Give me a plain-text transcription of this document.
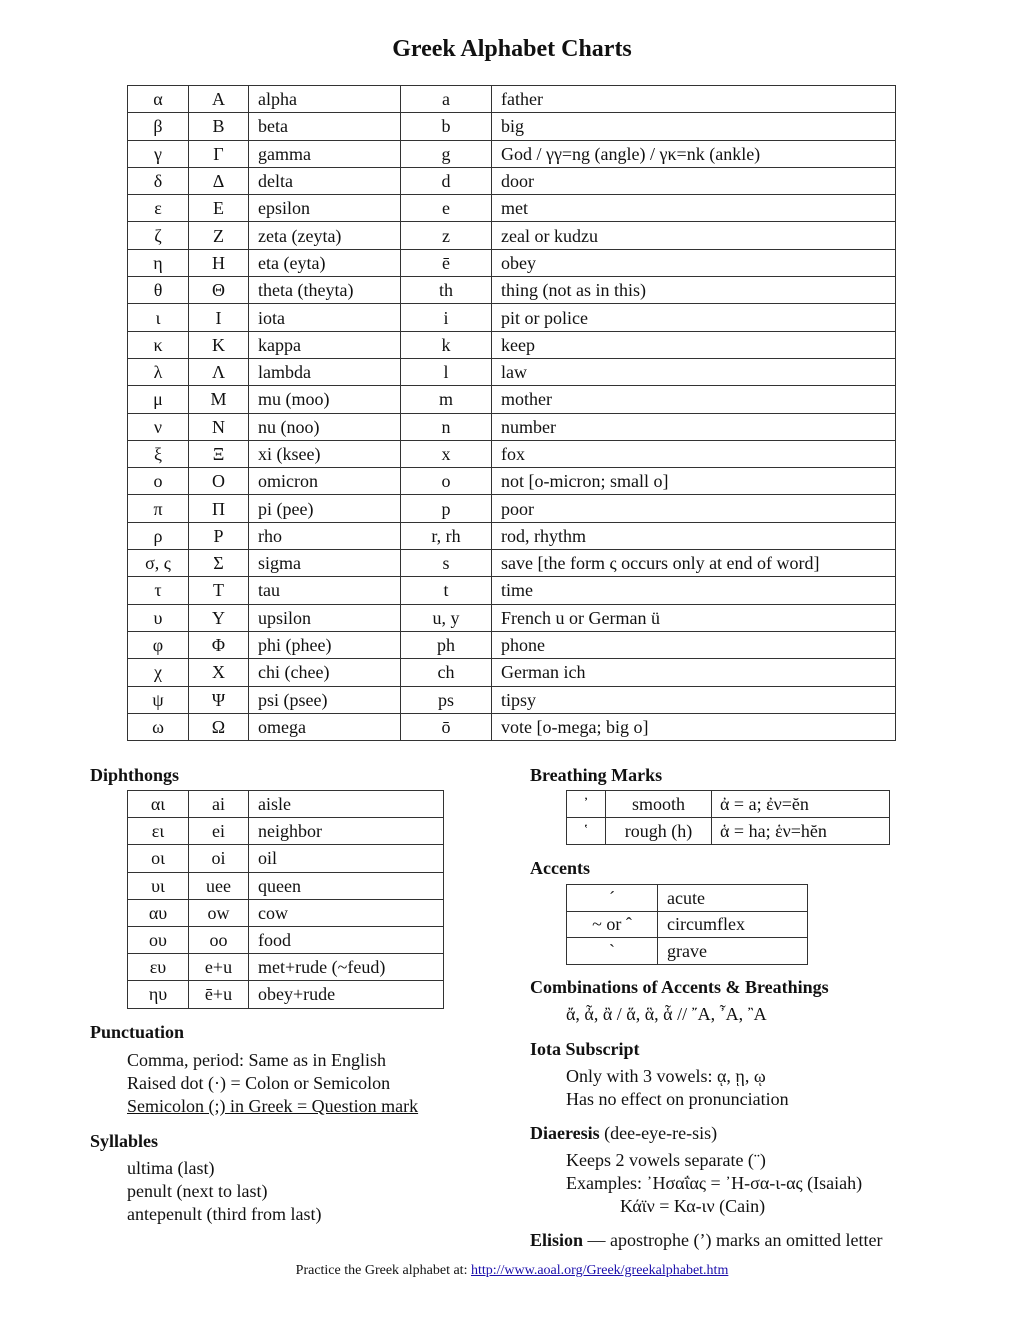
Greek Alphabet Charts
α	Α	alpha	a	father
β	Β	beta	b	big
γ	Γ	gamma	g	God / γγ=ng (angle) / γκ=nk (ankle)
δ	Δ	delta	d	door
ε	Ε	epsilon	e	met
ζ	Ζ	zeta (zeyta)	z	zeal or kudzu
η	Η	eta (eyta)	ē	obey
θ	Θ	theta (theyta)	th	thing (not as in this)
ι	Ι	iota	i	pit or police
κ	Κ	kappa	k	keep
λ	Λ	lambda	l	law
μ	Μ	mu (moo)	m	mother
ν	Ν	nu (noo)	n	number
ξ	Ξ	xi (ksee)	x	fox
ο	Ο	omicron	o	not [o-micron; small o]
π	Π	pi (pee)	p	poor
ρ	Ρ	rho	r, rh	rod, rhythm
σ, ς	Σ	sigma	s	save [the form ς occurs only at end of word]
τ	Τ	tau	t	time
υ	Υ	upsilon	u, y	French u or German ü
φ	Φ	phi (phee)	ph	phone
χ	Χ	chi (chee)	ch	German ich
ψ	Ψ	psi (psee)	ps	tipsy
ω	Ω	omega	ō	vote [o-mega; big o]
Diphthongs
αι	ai	aisle
ει	ei	neighbor
οι	oi	oil
υι	uee	queen
αυ	ow	cow
ου	oo	food
ευ	e+u	met+rude (~feud)
ηυ	ē+u	obey+rude
Punctuation
Comma, period: Same as in English
Raised dot (·) = Colon or Semicolon
Semicolon (;) in Greek = Question mark
Syllables
ultima (last)
penult (next to last)
antepenult (third from last)
Breathing Marks
᾿	smooth	ἀ = a; ἐν=ĕn
῾	rough (h)	ἁ = ha; ἑν=hĕn
Accents
´	acute
~ or ˆ	circumflex
`	grave
Combinations of Accents & Breathings
ἄ, ἆ, ἂ / ἅ, ἃ, ἇ // ῎Α, ῏Α, ῍Α
Iota Subscript
Only with 3 vowels: ᾳ, ῃ, ῳ
Has no effect on pronunciation
Diaeresis (dee-eye-re-sis)
Keeps 2 vowels separate (¨)
Examples: ᾿Ησαΐας = ᾿Η-σα-ι-ας (Isaiah)
Κάϊν = Κα-ιν (Cain)
Elision — apostrophe (’) marks an omitted letter
Practice the Greek alphabet at: http://www.aoal.org/Greek/greekalphabet.htm
